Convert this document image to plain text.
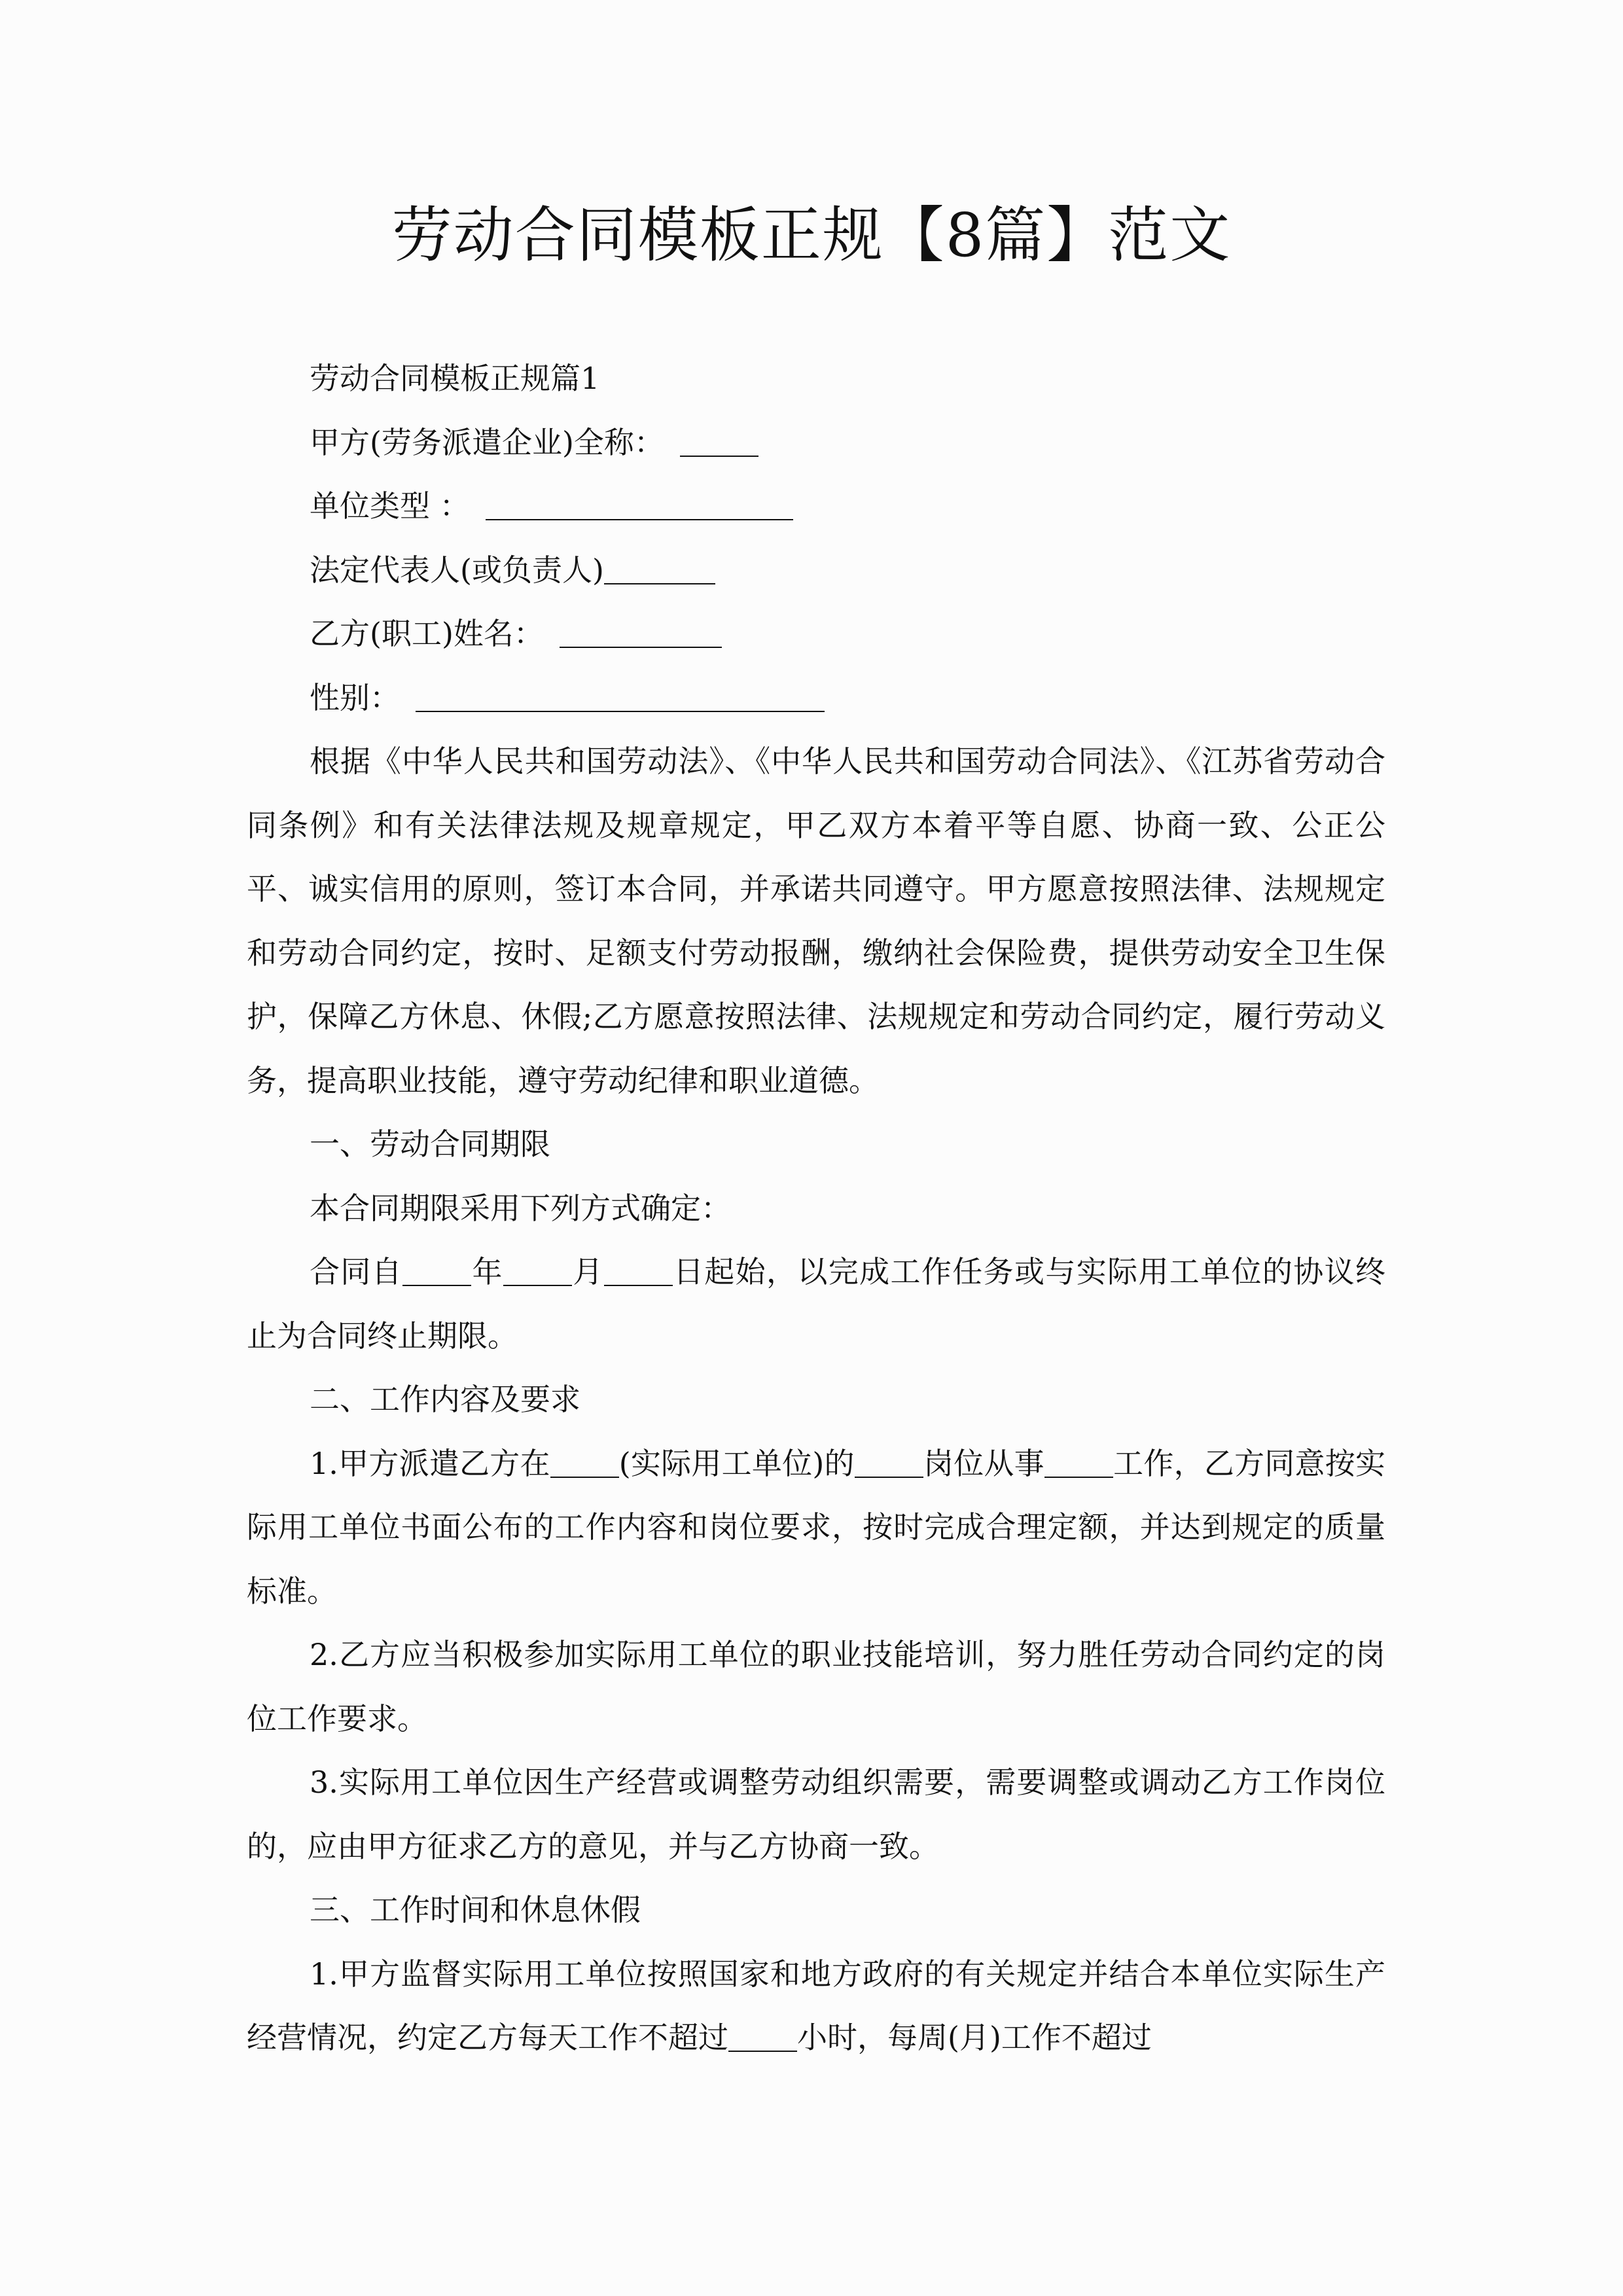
劳动合同模板正规【8篇】范文

劳动合同模板正规篇1

甲方(劳务派遣企业)全称：

单位类型 ：

法定代表人(或负责人)

乙方(职工)姓名：

性别：

根据《中华人民共和国劳动法》、《中华人民共和国劳动合同法》、《江苏省劳动合同条例》和有关法律法规及规章规定，甲乙双方本着平等自愿、协商一致、公正公平、诚实信用的原则，签订本合同，并承诺共同遵守。甲方愿意按照法律、法规规定和劳动合同约定，按时、足额支付劳动报酬，缴纳社会保险费，提供劳动安全卫生保护，保障乙方休息、休假;乙方愿意按照法律、法规规定和劳动合同约定，履行劳动义务，提高职业技能，遵守劳动纪律和职业道德。

一、劳动合同期限

本合同期限采用下列方式确定：

合同自 年 月 日起始，以完成工作任务或与实际用工单位的协议终止为合同终止期限。

二、工作内容及要求

1.甲方派遣乙方在 (实际用工单位)的 岗位从事 工作，乙方同意按实际用工单位书面公布的工作内容和岗位要求，按时完成合理定额，并达到规定的质量标准。

2.乙方应当积极参加实际用工单位的职业技能培训，努力胜任劳动合同约定的岗位工作要求。

3.实际用工单位因生产经营或调整劳动组织需要，需要调整或调动乙方工作岗位的，应由甲方征求乙方的意见，并与乙方协商一致。

三、工作时间和休息休假

1.甲方监督实际用工单位按照国家和地方政府的有关规定并结合本单位实际生产经营情况，约定乙方每天工作不超过 小时，每周(月)工作不超过
